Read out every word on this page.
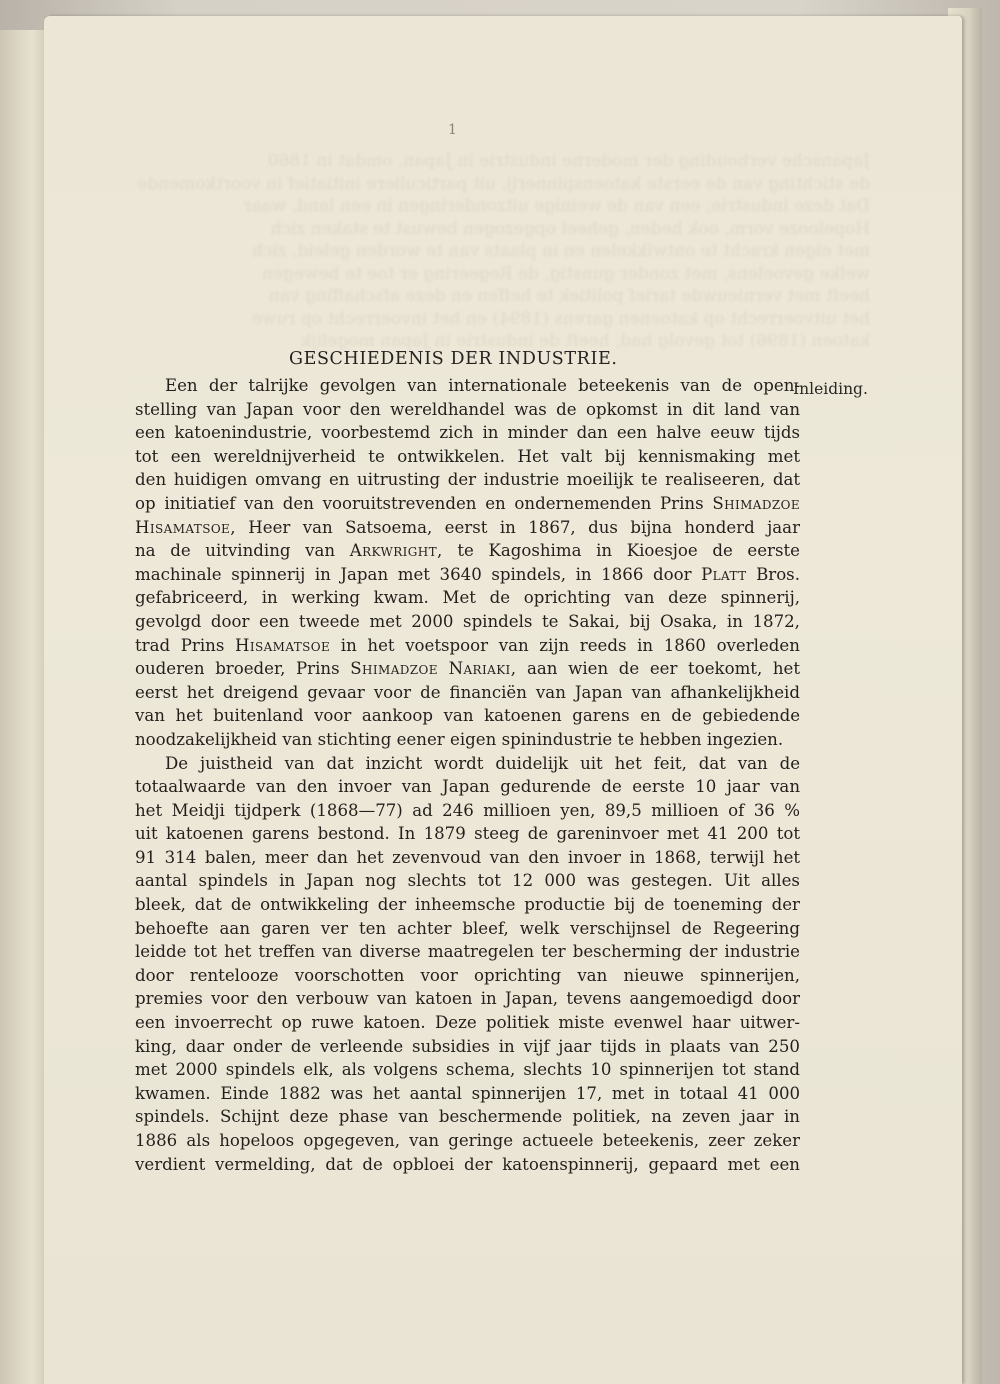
Japansche verhouding der moderne industrie in Japan, omdat in 1860
de stichting van de eerste katoenspinnerij, uit particuliere initiatief in voortkomende
Dat deze industrie, een van de weinige uitzonderingen in een land, waar
Hopelooze vorm, ook heden, geheel opgezogen bewust te staken zich
met eigen kracht te ontwikkelen en in plaats van te worden geleid, zich
welke gevoelens, met zonder gunstig, de Regeering er toe te bewegen
heeft met vernieuwde tarief politiek te heffen en deze afschaffing van
het uitvoerrecht op katoenen garens (1894) en het invoerrecht op ruwe
katoen (1896) tot gevolg had, heeft de industrie in Japan mogelijk
1
GESCHIEDENIS DER INDUSTRIE.
Inleiding.
Een der talrijke gevolgen van internationale beteekenis van de open-
stelling van Japan voor den wereldhandel was de opkomst in dit land van
een katoenindustrie, voorbestemd zich in minder dan een halve eeuw tijds
tot een wereldnijverheid te ontwikkelen. Het valt bij kennismaking met
den huidigen omvang en uitrusting der industrie moeilijk te realiseeren, dat
op initiatief van den vooruitstrevenden en ondernemenden Prins Shimadzoe
Hisamatsoe, Heer van Satsoema, eerst in 1867, dus bijna honderd jaar
na de uitvinding van Arkwright, te Kagoshima in Kioesjoe de eerste
machinale spinnerij in Japan met 3640 spindels, in 1866 door Platt Bros.
gefabriceerd, in werking kwam. Met de oprichting van deze spinnerij,
gevolgd door een tweede met 2000 spindels te Sakai, bij Osaka, in 1872,
trad Prins Hisamatsoe in het voetspoor van zijn reeds in 1860 overleden
ouderen broeder, Prins Shimadzoe Nariaki, aan wien de eer toekomt, het
eerst het dreigend gevaar voor de financiën van Japan van afhankelijkheid
van het buitenland voor aankoop van katoenen garens en de gebiedende
noodzakelijkheid van stichting eener eigen spinindustrie te hebben ingezien.
De juistheid van dat inzicht wordt duidelijk uit het feit, dat van de
totaalwaarde van den invoer van Japan gedurende de eerste 10 jaar van
het Meidji tijdperk (1868—77) ad 246 millioen yen, 89,5 millioen of 36 %
uit katoenen garens bestond. In 1879 steeg de gareninvoer met 41 200 tot
91 314 balen, meer dan het zevenvoud van den invoer in 1868, terwijl het
aantal spindels in Japan nog slechts tot 12 000 was gestegen. Uit alles
bleek, dat de ontwikkeling der inheemsche productie bij de toeneming der
behoefte aan garen ver ten achter bleef, welk verschijnsel de Regeering
leidde tot het treffen van diverse maatregelen ter bescherming der industrie
door rentelooze voorschotten voor oprichting van nieuwe spinnerijen,
premies voor den verbouw van katoen in Japan, tevens aangemoedigd door
een invoerrecht op ruwe katoen. Deze politiek miste evenwel haar uitwer-
king, daar onder de verleende subsidies in vijf jaar tijds in plaats van 250
met 2000 spindels elk, als volgens schema, slechts 10 spinnerijen tot stand
kwamen. Einde 1882 was het aantal spinnerijen 17, met in totaal 41 000
spindels. Schijnt deze phase van beschermende politiek, na zeven jaar in
1886 als hopeloos opgegeven, van geringe actueele beteekenis, zeer zeker
verdient vermelding, dat de opbloei der katoenspinnerij, gepaard met een
